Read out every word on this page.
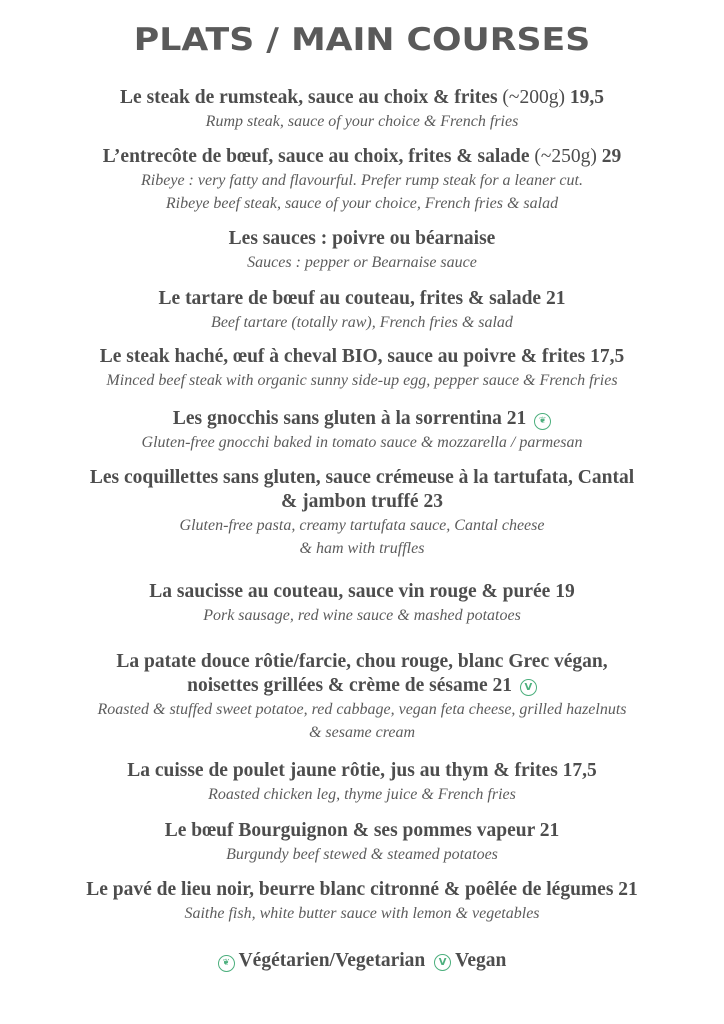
PLATS / MAIN COURSES
Le steak de rumsteak, sauce au choix & frites (~200g) 19,5
Rump steak, sauce of your choice & French fries
L’entrecôte de bœuf, sauce au choix, frites & salade (~250g) 29
Ribeye : very fatty and flavourful. Prefer rump steak for a leaner cut.
Ribeye beef steak, sauce of your choice, French fries & salad
Les sauces : poivre ou béarnaise
Sauces : pepper or Bearnaise sauce
Le tartare de bœuf au couteau, frites & salade 21
Beef tartare (totally raw), French fries & salad
Le steak haché, œuf à cheval BIO, sauce au poivre & frites 17,5
Minced beef steak with organic sunny side-up egg, pepper sauce & French fries
Les gnocchis sans gluten à la sorrentina 21 ❦
Gluten-free gnocchi baked in tomato sauce & mozzarella / parmesan
Les coquillettes sans gluten, sauce crémeuse à la tartufata, Cantal
& jambon truffé 23
Gluten-free pasta, creamy tartufata sauce, Cantal cheese
& ham with truffles
La saucisse au couteau, sauce vin rouge & purée 19
Pork sausage, red wine sauce & mashed potatoes
La patate douce rôtie/farcie, chou rouge, blanc Grec végan,
noisettes grillées & crème de sésame 21 V
Roasted & stuffed sweet potatoe, red cabbage, vegan feta cheese, grilled hazelnuts
& sesame cream
La cuisse de poulet jaune rôtie, jus au thym & frites 17,5
Roasted chicken leg, thyme juice & French fries
Le bœuf Bourguignon & ses pommes vapeur 21
Burgundy beef stewed & steamed potatoes
Le pavé de lieu noir, beurre blanc citronné & poêlée de légumes 21
Saithe fish, white butter sauce with lemon & vegetables
❦ Végétarien/Vegetarian V Vegan
